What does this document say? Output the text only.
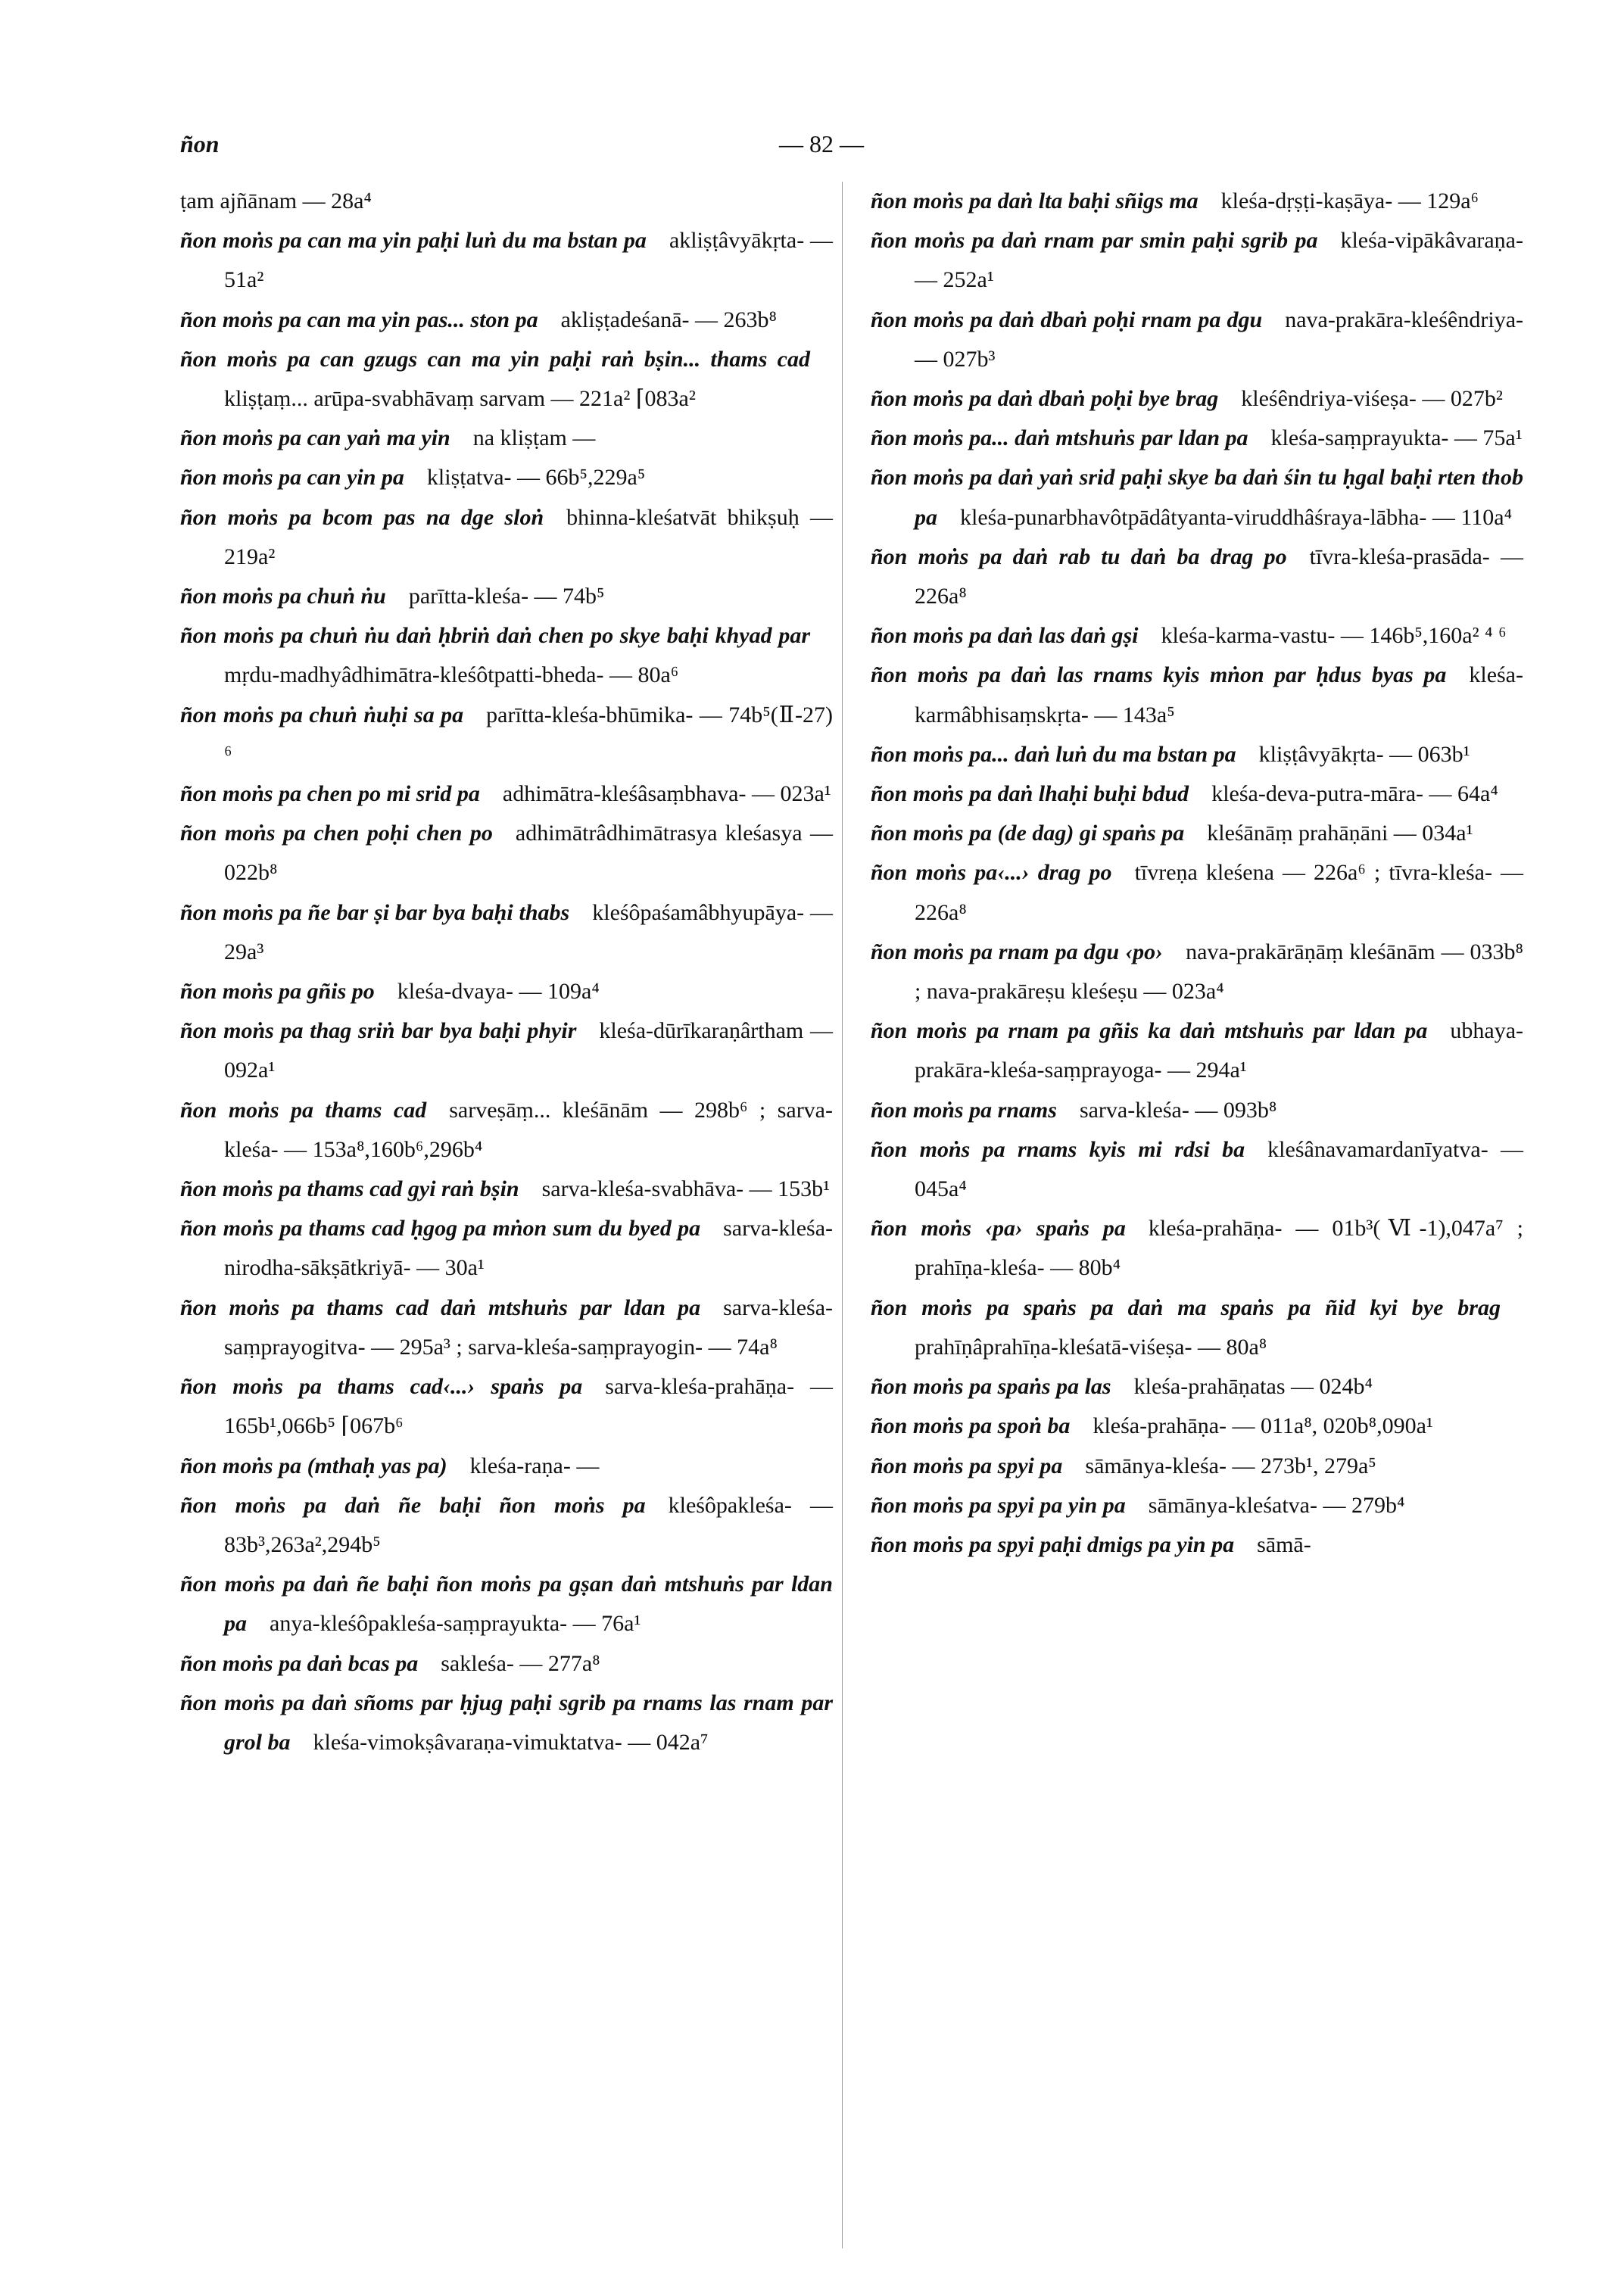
ñon	— 82 —
ṭam ajñānam — 28a⁴
ñon moṅs pa can ma yin paḥi luṅ du ma bstan pa  akliṣṭâvyākṛta- — 51a²
ñon moṅs pa can ma yin pas... ston pa  akliṣṭadeśanā- — 263b⁸
ñon moṅs pa can gzugs can ma yin paḥi raṅ bṣin... thams cad kliṣṭaṃ... arūpa-svabhāvaṃ sarvam — 221a² ⌈083a²
ñon moṅs pa can yaṅ ma yin  na kliṣṭam —
ñon moṅs pa can yin pa  kliṣṭatva- — 66b⁵,229a⁵
ñon moṅs pa bcom pas na dge sloṅ  bhinna-kleśatvāt bhikṣuḥ — 219a²
ñon moṅs pa chuṅ ṅu  parītta-kleśa- — 74b⁵
ñon moṅs pa chuṅ ṅu daṅ ḥbriṅ daṅ chen po skye baḥi khyad par mṛdu-madhyâdhimātra-kleśôtpatti-bheda- — 80a⁶
ñon moṅs pa chuṅ ṅuḥi sa pa  parītta-kleśa-bhūmika- — 74b⁵(Ⅱ-27) ⁶
ñon moṅs pa chen po mi srid pa  adhimātra-kleśâsaṃbhava- — 023a¹
ñon moṅs pa chen poḥi chen po  adhimātrâdhimātrasya kleśasya — 022b⁸
ñon moṅs pa ñe bar ṣi bar bya baḥi thabs  kleśôpaśamâbhyupāya- — 29a³
ñon moṅs pa gñis po  kleśa-dvaya- — 109a⁴
ñon moṅs pa thag sriṅ bar bya baḥi phyir  kleśa-dūrīkaraṇârtham — 092a¹
ñon moṅs pa thams cad  sarveṣāṃ... kleśānām — 298b⁶ ; sarva-kleśa- — 153a⁸,160b⁶,296b⁴
ñon moṅs pa thams cad gyi raṅ bṣin  sarva-kleśa-svabhāva- — 153b¹
ñon moṅs pa thams cad ḥgog pa mṅon sum du byed pa  sarva-kleśa-nirodha-sākṣātkriyā- — 30a¹
ñon moṅs pa thams cad daṅ mtshuṅs par ldan pa  sarva-kleśa-saṃprayogitva- — 295a³ ; sarva-kleśa-saṃprayogin- — 74a⁸
ñon moṅs pa thams cad‹...› spaṅs pa  sarva-kleśa-prahāṇa- — 165b¹,066b⁵ ⌈067b⁶
ñon moṅs pa (mthaḥ yas pa)  kleśa-raṇa- —
ñon moṅs pa daṅ ñe baḥi ñon moṅs pa  kleśôpakleśa- — 83b³,263a²,294b⁵
ñon moṅs pa daṅ ñe baḥi ñon moṅs pa gṣan daṅ mtshuṅs par ldan pa  anya-kleśôpakleśa-saṃprayukta- — 76a¹
ñon moṅs pa daṅ bcas pa  sakleśa- — 277a⁸
ñon moṅs pa daṅ sñoms par ḥjug paḥi sgrib pa rnams las rnam par grol ba  kleśa-vimokṣâvaraṇa-vimuktatva- — 042a⁷
ñon moṅs pa daṅ lta baḥi sñigs ma  kleśa-dṛṣṭi-kaṣāya- — 129a⁶
ñon moṅs pa daṅ rnam par smin paḥi sgrib pa  kleśa-vipākâvaraṇa- — 252a¹
ñon moṅs pa daṅ dbaṅ poḥi rnam pa dgu  nava-prakāra-kleśêndriya- — 027b³
ñon moṅs pa daṅ dbaṅ poḥi bye brag  kleśêndriya-viśeṣa- — 027b²
ñon moṅs pa... daṅ mtshuṅs par ldan pa  kleśa-saṃprayukta- — 75a¹
ñon moṅs pa daṅ yaṅ srid paḥi skye ba daṅ śin tu ḥgal baḥi rten thob pa  kleśa-punarbhavôtpādâtyanta-viruddhâśraya-lābha- — 110a⁴
ñon moṅs pa daṅ rab tu daṅ ba drag po  tīvra-kleśa-prasāda- — 226a⁸
ñon moṅs pa daṅ las daṅ gṣi  kleśa-karma-vastu- — 146b⁵,160a² ⁴ ⁶
ñon moṅs pa daṅ las rnams kyis mṅon par ḥdus byas pa  kleśa-karmâbhisaṃskṛta- — 143a⁵
ñon moṅs pa... daṅ luṅ du ma bstan pa  kliṣṭâvyākṛta- — 063b¹
ñon moṅs pa daṅ lhaḥi buḥi bdud  kleśa-deva-putra-māra- — 64a⁴
ñon moṅs pa (de dag) gi spaṅs pa  kleśānāṃ prahāṇāni — 034a¹
ñon moṅs pa‹...› drag po  tīvreṇa kleśena — 226a⁶ ; tīvra-kleśa- — 226a⁸
ñon moṅs pa rnam pa dgu ‹po›  nava-prakārāṇāṃ kleśānām — 033b⁸ ; nava-prakāreṣu kleśeṣu — 023a⁴
ñon moṅs pa rnam pa gñis ka daṅ mtshuṅs par ldan pa  ubhaya-prakāra-kleśa-saṃprayoga- — 294a¹
ñon moṅs pa rnams  sarva-kleśa- — 093b⁸
ñon moṅs pa rnams kyis mi rdsi ba  kleśânavamardanīyatva- — 045a⁴
ñon moṅs ‹pa› spaṅs pa  kleśa-prahāṇa- — 01b³(Ⅵ-1),047a⁷ ; prahīṇa-kleśa- — 80b⁴
ñon moṅs pa spaṅs pa daṅ ma spaṅs pa ñid kyi bye brag prahīṇâprahīṇa-kleśatā-viśeṣa- — 80a⁸
ñon moṅs pa spaṅs pa las  kleśa-prahāṇatas — 024b⁴
ñon moṅs pa spoṅ ba  kleśa-prahāṇa- — 011a⁸, 020b⁸,090a¹
ñon moṅs pa spyi pa  sāmānya-kleśa- — 273b¹, 279a⁵
ñon moṅs pa spyi pa yin pa  sāmānya-kleśatva- — 279b⁴
ñon moṅs pa spyi paḥi dmigs pa yin pa  sāmā-
